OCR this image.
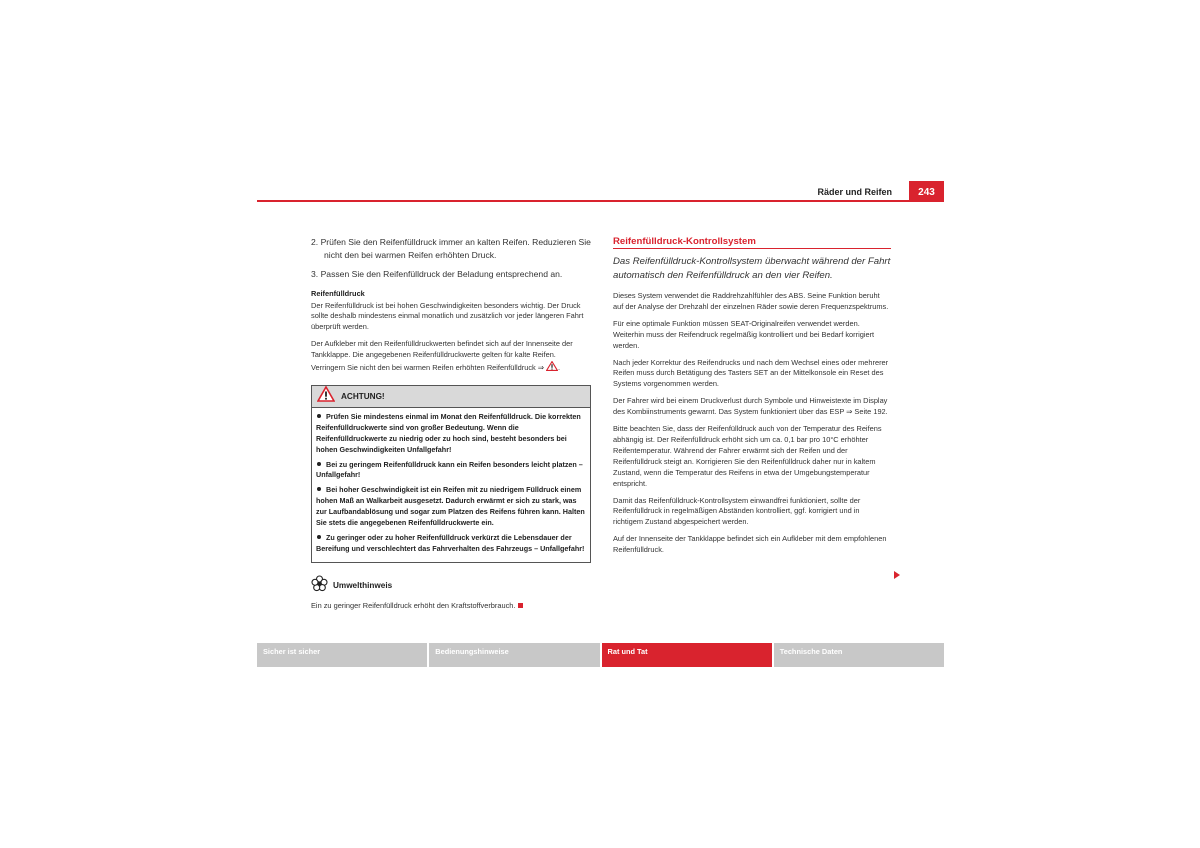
Räder und Reifen	243
2. Prüfen Sie den Reifenfülldruck immer an kalten Reifen. Reduzieren Sie nicht den bei warmen Reifen erhöhten Druck.
3. Passen Sie den Reifenfülldruck der Beladung entsprechend an.
Reifenfülldruck

Der Reifenfülldruck ist bei hohen Geschwindigkeiten besonders wichtig. Der Druck sollte deshalb mindestens einmal monatlich und zusätzlich vor jeder längeren Fahrt überprüft werden.

Der Aufkleber mit den Reifenfülldruckwerten befindet sich auf der Innenseite der Tankklappe. Die angegebenen Reifenfülldruckwerte gelten für kalte Reifen. Verringern Sie nicht den bei warmen Reifen erhöhten Reifenfülldruck ⇒ .

ACHTUNG!

Prüfen Sie mindestens einmal im Monat den Reifenfülldruck. Die korrekten Reifenfülldruckwerte sind von großer Bedeutung. Wenn die Reifenfülldruckwerte zu niedrig oder zu hoch sind, besteht besonders bei hohen Geschwindigkeiten Unfallgefahr!

Bei zu geringem Reifenfülldruck kann ein Reifen besonders leicht platzen – Unfallgefahr!

Bei hoher Geschwindigkeit ist ein Reifen mit zu niedrigem Fülldruck einem hohen Maß an Walkarbeit ausgesetzt. Dadurch erwärmt er sich zu stark, was zur Laufbandablösung und sogar zum Platzen des Reifens führen kann. Halten Sie stets die angegebenen Reifenfülldruckwerte ein.

Zu geringer oder zu hoher Reifenfülldruck verkürzt die Lebensdauer der Bereifung und verschlechtert das Fahrverhalten des Fahrzeugs – Unfallgefahr!

Umwelthinweis
Ein zu geringer Reifenfülldruck erhöht den Kraftstoffverbrauch.
Reifenfülldruck-Kontrollsystem

Das Reifenfülldruck-Kontrollsystem überwacht während der Fahrt automatisch den Reifenfülldruck an den vier Reifen.

Dieses System verwendet die Raddrehzahlfühler des ABS. Seine Funktion beruht auf der Analyse der Drehzahl der einzelnen Räder sowie deren Frequenzspektrums.

Für eine optimale Funktion müssen SEAT-Originalreifen verwendet werden. Weiterhin muss der Reifendruck regelmäßig kontrolliert und bei Bedarf korrigiert werden.

Nach jeder Korrektur des Reifendrucks und nach dem Wechsel eines oder mehrerer Reifen muss durch Betätigung des Tasters SET an der Mittelkonsole ein Reset des Systems vorgenommen werden.

Der Fahrer wird bei einem Druckverlust durch Symbole und Hinweistexte im Display des Kombiinstruments gewarnt. Das System funktioniert über das ESP ⇒ Seite 192.

Bitte beachten Sie, dass der Reifenfülldruck auch von der Temperatur des Reifens abhängig ist. Der Reifenfülldruck erhöht sich um ca. 0,1 bar pro 10°C erhöhter Reifentemperatur. Während der Fahrer erwärmt sich der Reifen und der Reifenfülldruck steigt an. Korrigieren Sie den Reifenfülldruck daher nur in kaltem Zustand, wenn die Temperatur des Reifens in etwa der Umgebungstemperatur entspricht.

Damit das Reifenfülldruck-Kontrollsystem einwandfrei funktioniert, sollte der Reifenfülldruck in regelmäßigen Abständen kontrolliert, ggf. korrigiert und in richtigem Zustand abgespeichert werden.

Auf der Innenseite der Tankklappe befindet sich ein Aufkleber mit dem empfohlenen Reifenfülldruck.

Sicher ist sicher	Bedienungshinweise	Rat und Tat	Technische Daten
